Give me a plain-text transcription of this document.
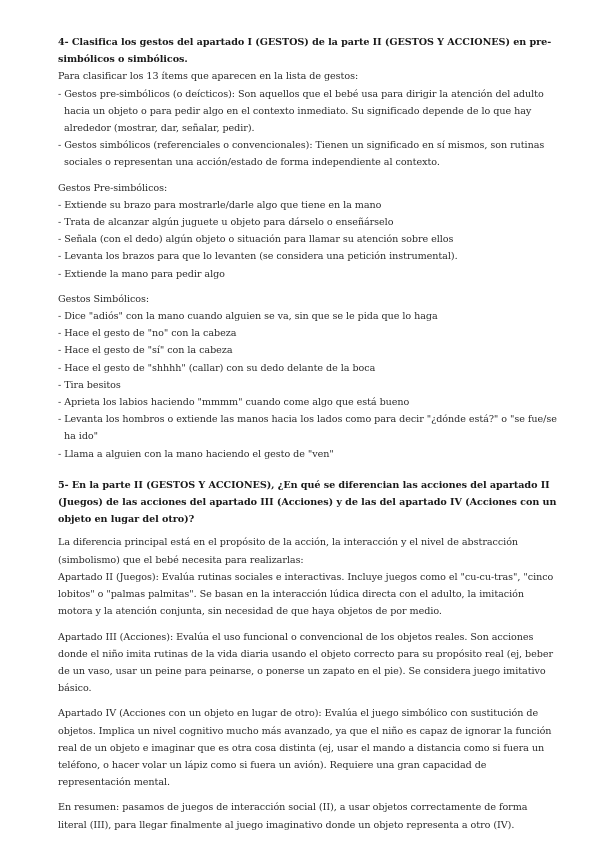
4- Clasifica los gestos del apartado I (GESTOS) de la parte II (GESTOS Y ACCIONES) en pre-simbólicos o simbólicos.

Para clasificar los 13 ítems que aparecen en la lista de gestos:

- Gestos pre-simbólicos (o deícticos): Son aquellos que el bebé usa para dirigir la atención del adulto hacia un objeto o para pedir algo en el contexto inmediato. Su significado depende de lo que hay alrededor (mostrar, dar, señalar, pedir).

- Gestos simbólicos (referenciales o convencionales): Tienen un significado en sí mismos, son rutinas sociales o representan una acción/estado de forma independiente al contexto.

Gestos Pre-simbólicos:

- Extiende su brazo para mostrarle/darle algo que tiene en la mano

- Trata de alcanzar algún juguete u objeto para dárselo o enseñárselo

- Señala (con el dedo) algún objeto o situación para llamar su atención sobre ellos

- Levanta los brazos para que lo levanten (se considera una petición instrumental).

- Extiende la mano para pedir algo

Gestos Simbólicos:

- Dice "adiós" con la mano cuando alguien se va, sin que se le pida que lo haga

- Hace el gesto de "no" con la cabeza

- Hace el gesto de "sí" con la cabeza

- Hace el gesto de "shhhh" (callar) con su dedo delante de la boca

- Tira besitos

- Aprieta los labios haciendo "mmmm" cuando come algo que está bueno

- Levanta los hombros o extiende las manos hacia los lados como para decir "¿dónde está?" o "se fue/se ha ido"

- Llama a alguien con la mano haciendo el gesto de "ven"

5- En la parte II (GESTOS Y ACCIONES), ¿En qué se diferencian las acciones del apartado II (Juegos) de las acciones del apartado III (Acciones) y de las del apartado IV (Acciones con un objeto en lugar del otro)?

La diferencia principal está en el propósito de la acción, la interacción y el nivel de abstracción (simbolismo) que el bebé necesita para realizarlas:

Apartado II (Juegos): Evalúa rutinas sociales e interactivas. Incluye juegos como el "cu-cu-tras", "cinco lobitos" o "palmas palmitas". Se basan en la interacción lúdica directa con el adulto, la imitación motora y la atención conjunta, sin necesidad de que haya objetos de por medio.

Apartado III (Acciones): Evalúa el uso funcional o convencional de los objetos reales. Son acciones donde el niño imita rutinas de la vida diaria usando el objeto correcto para su propósito real (ej, beber de un vaso, usar un peine para peinarse, o ponerse un zapato en el pie). Se considera juego imitativo básico.

Apartado IV (Acciones con un objeto en lugar de otro): Evalúa el juego simbólico con sustitución de objetos. Implica un nivel cognitivo mucho más avanzado, ya que el niño es capaz de ignorar la función real de un objeto e imaginar que es otra cosa distinta (ej, usar el mando a distancia como si fuera un teléfono, o hacer volar un lápiz como si fuera un avión). Requiere una gran capacidad de representación mental.

En resumen: pasamos de juegos de interacción social (II), a usar objetos correctamente de forma literal (III), para llegar finalmente al juego imaginativo donde un objeto representa a otro (IV).
